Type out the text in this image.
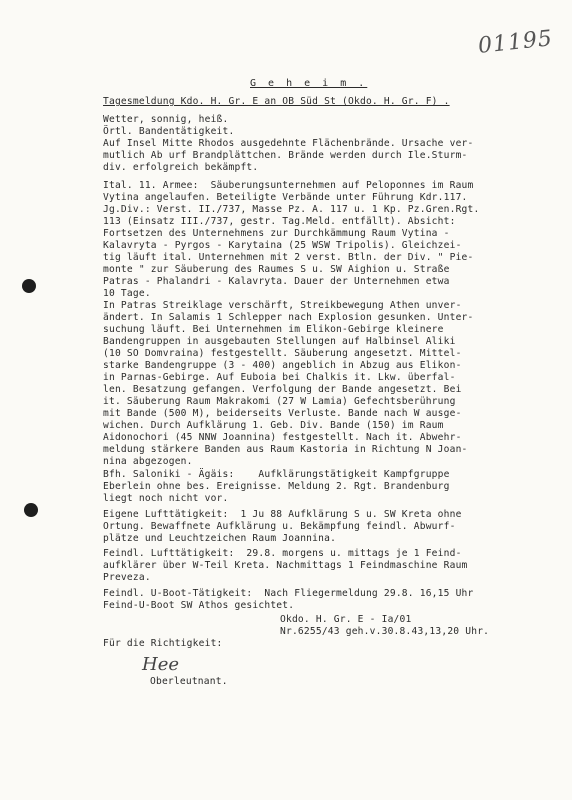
01195
G e h e i m .
Tagesmeldung Kdo. H. Gr. E an OB Süd St (Okdo. H. Gr. F) .
Wetter, sonnig, heiß.
Örtl. Bandentätigkeit.
Auf Insel Mitte Rhodos ausgedehnte Flächenbrände. Ursache ver-
mutlich Ab urf Brandplättchen. Brände werden durch Ile.Sturm-
div. erfolgreich bekämpft.
Ital. 11. Armee:  Säuberungsunternehmen auf Peloponnes im Raum
Vytina angelaufen. Beteiligte Verbände unter Führung Kdr.117.
Jg.Div.: Verst. II./737, Masse Pz. A. 117 u. 1 Kp. Pz.Gren.Rgt.
113 (Einsatz III./737, gestr. Tag.Meld. entfällt). Absicht:
Fortsetzen des Unternehmens zur Durchkämmung Raum Vytina -
Kalavryta - Pyrgos - Karytaina (25 WSW Tripolis). Gleichzei-
tig läuft ital. Unternehmen mit 2 verst. Btln. der Div. " Pie-
monte " zur Säuberung des Raumes S u. SW Aighion u. Straße
Patras - Phalandri - Kalavryta. Dauer der Unternehmen etwa
10 Tage.
In Patras Streiklage verschärft, Streikbewegung Athen unver-
ändert. In Salamis 1 Schlepper nach Explosion gesunken. Unter-
suchung läuft. Bei Unternehmen im Elikon-Gebirge kleinere
Bandengruppen in ausgebauten Stellungen auf Halbinsel Aliki
(10 SO Domvraina) festgestellt. Säuberung angesetzt. Mittel-
starke Bandengruppe (3 - 400) angeblich in Abzug aus Elikon-
in Parnas-Gebirge. Auf Euboia bei Chalkis it. Lkw. überfal-
len. Besatzung gefangen. Verfolgung der Bande angesetzt. Bei
it. Säuberung Raum Makrakomi (27 W Lamia) Gefechtsberührung
mit Bande (500 M), beiderseits Verluste. Bande nach W ausge-
wichen. Durch Aufklärung 1. Geb. Div. Bande (150) im Raum
Aidonochori (45 NNW Joannina) festgestellt. Nach it. Abwehr-
meldung stärkere Banden aus Raum Kastoria in Richtung N Joan-
nina abgezogen.
Bfh. Saloniki - Ägäis:    Aufklärungstätigkeit Kampfgruppe
Eberlein ohne bes. Ereignisse. Meldung 2. Rgt. Brandenburg
liegt noch nicht vor.
Eigene Lufttätigkeit:  1 Ju 88 Aufklärung S u. SW Kreta ohne
Ortung. Bewaffnete Aufklärung u. Bekämpfung feindl. Abwurf-
plätze und Leuchtzeichen Raum Joannina.
Feindl. Lufttätigkeit:  29.8. morgens u. mittags je 1 Feind-
aufklärer über W-Teil Kreta. Nachmittags 1 Feindmaschine Raum
Preveza.
Feindl. U-Boot-Tätigkeit:  Nach Fliegermeldung 29.8. 16,15 Uhr
Feind-U-Boot SW Athos gesichtet.
Okdo. H. Gr. E - Ia/01
Nr.6255/43 geh.v.30.8.43,13,20 Uhr.
Für die Richtigkeit:
Hee
Oberleutnant.
